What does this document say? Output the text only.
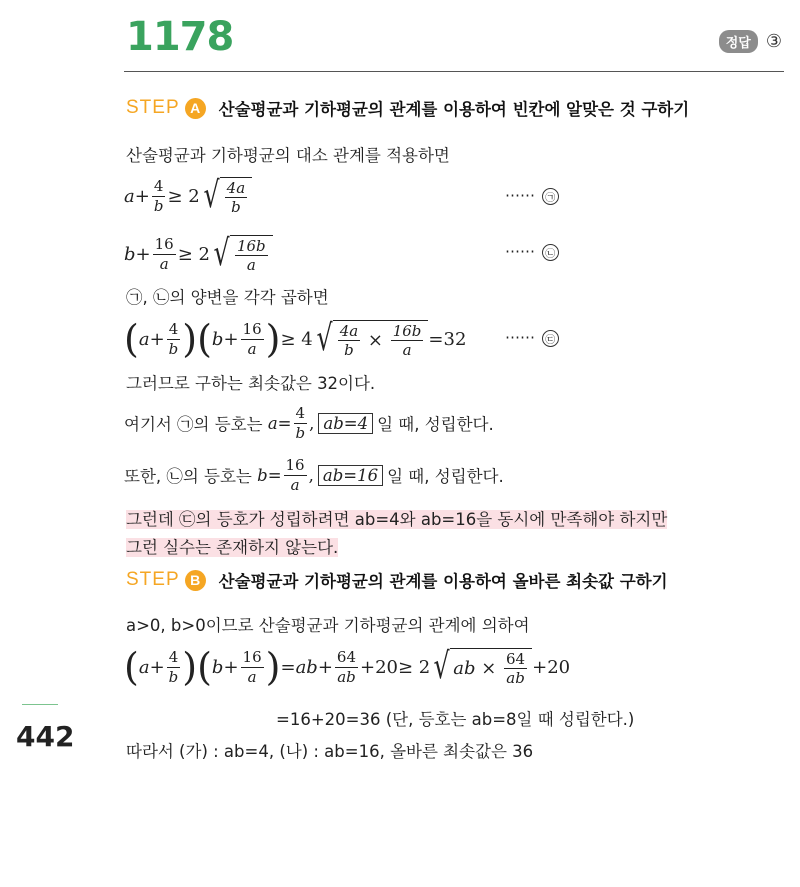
1178	정답 ③
STEP A	산술평균과 기하평균의 관계를 이용하여 빈칸에 알맞은 것 구하기
산술평균과 기하평균의 대소 관계를 적용하면
$a + \frac{4}{b} \ge 2$ √ $\frac{4a}{b}$	⋯⋯ ㉠
$b + \frac{16}{a} \ge 2$ √ $\frac{16b}{a}$	⋯⋯ ㉡
㉠, ㉡의 양변을 각각 곱하면
( $a + \frac{4}{b}$ ) ( $b + \frac{16}{a}$ ) ≥ 4 √ $\frac{4a}{b} \times \frac{16b}{a} =32$	⋯⋯ ㉢
그러므로 구하는 최솟값은 32이다.
여기서 ㉠의 등호는 $a = \frac{4}{b}$ , ab=4 일 때, 성립한다.
또한, ㉡의 등호는 $b = \frac{16}{a}$ , ab=16 일 때, 성립한다.
그런데 ㉢의 등호가 성립하려면 ab=4와 ab=16을 동시에 만족해야 하지만
그런 실수는 존재하지 않는다.
STEP B	산술평균과 기하평균의 관계를 이용하여 올바른 최솟값 구하기
a>0, b>0이므로 산술평균과 기하평균의 관계에 의하여
( $a + \frac{4}{b}$ ) ( $b + \frac{16}{a}$ ) = ab + $\frac{64}{ab} +20\ge 2$ √ ab × $\frac{64}{ab} +20$
=16+20=36 (단, 등호는 ab=8일 때 성립한다.)
따라서 (가) : ab=4, (나) : ab=16, 올바른 최솟값은 36
442
